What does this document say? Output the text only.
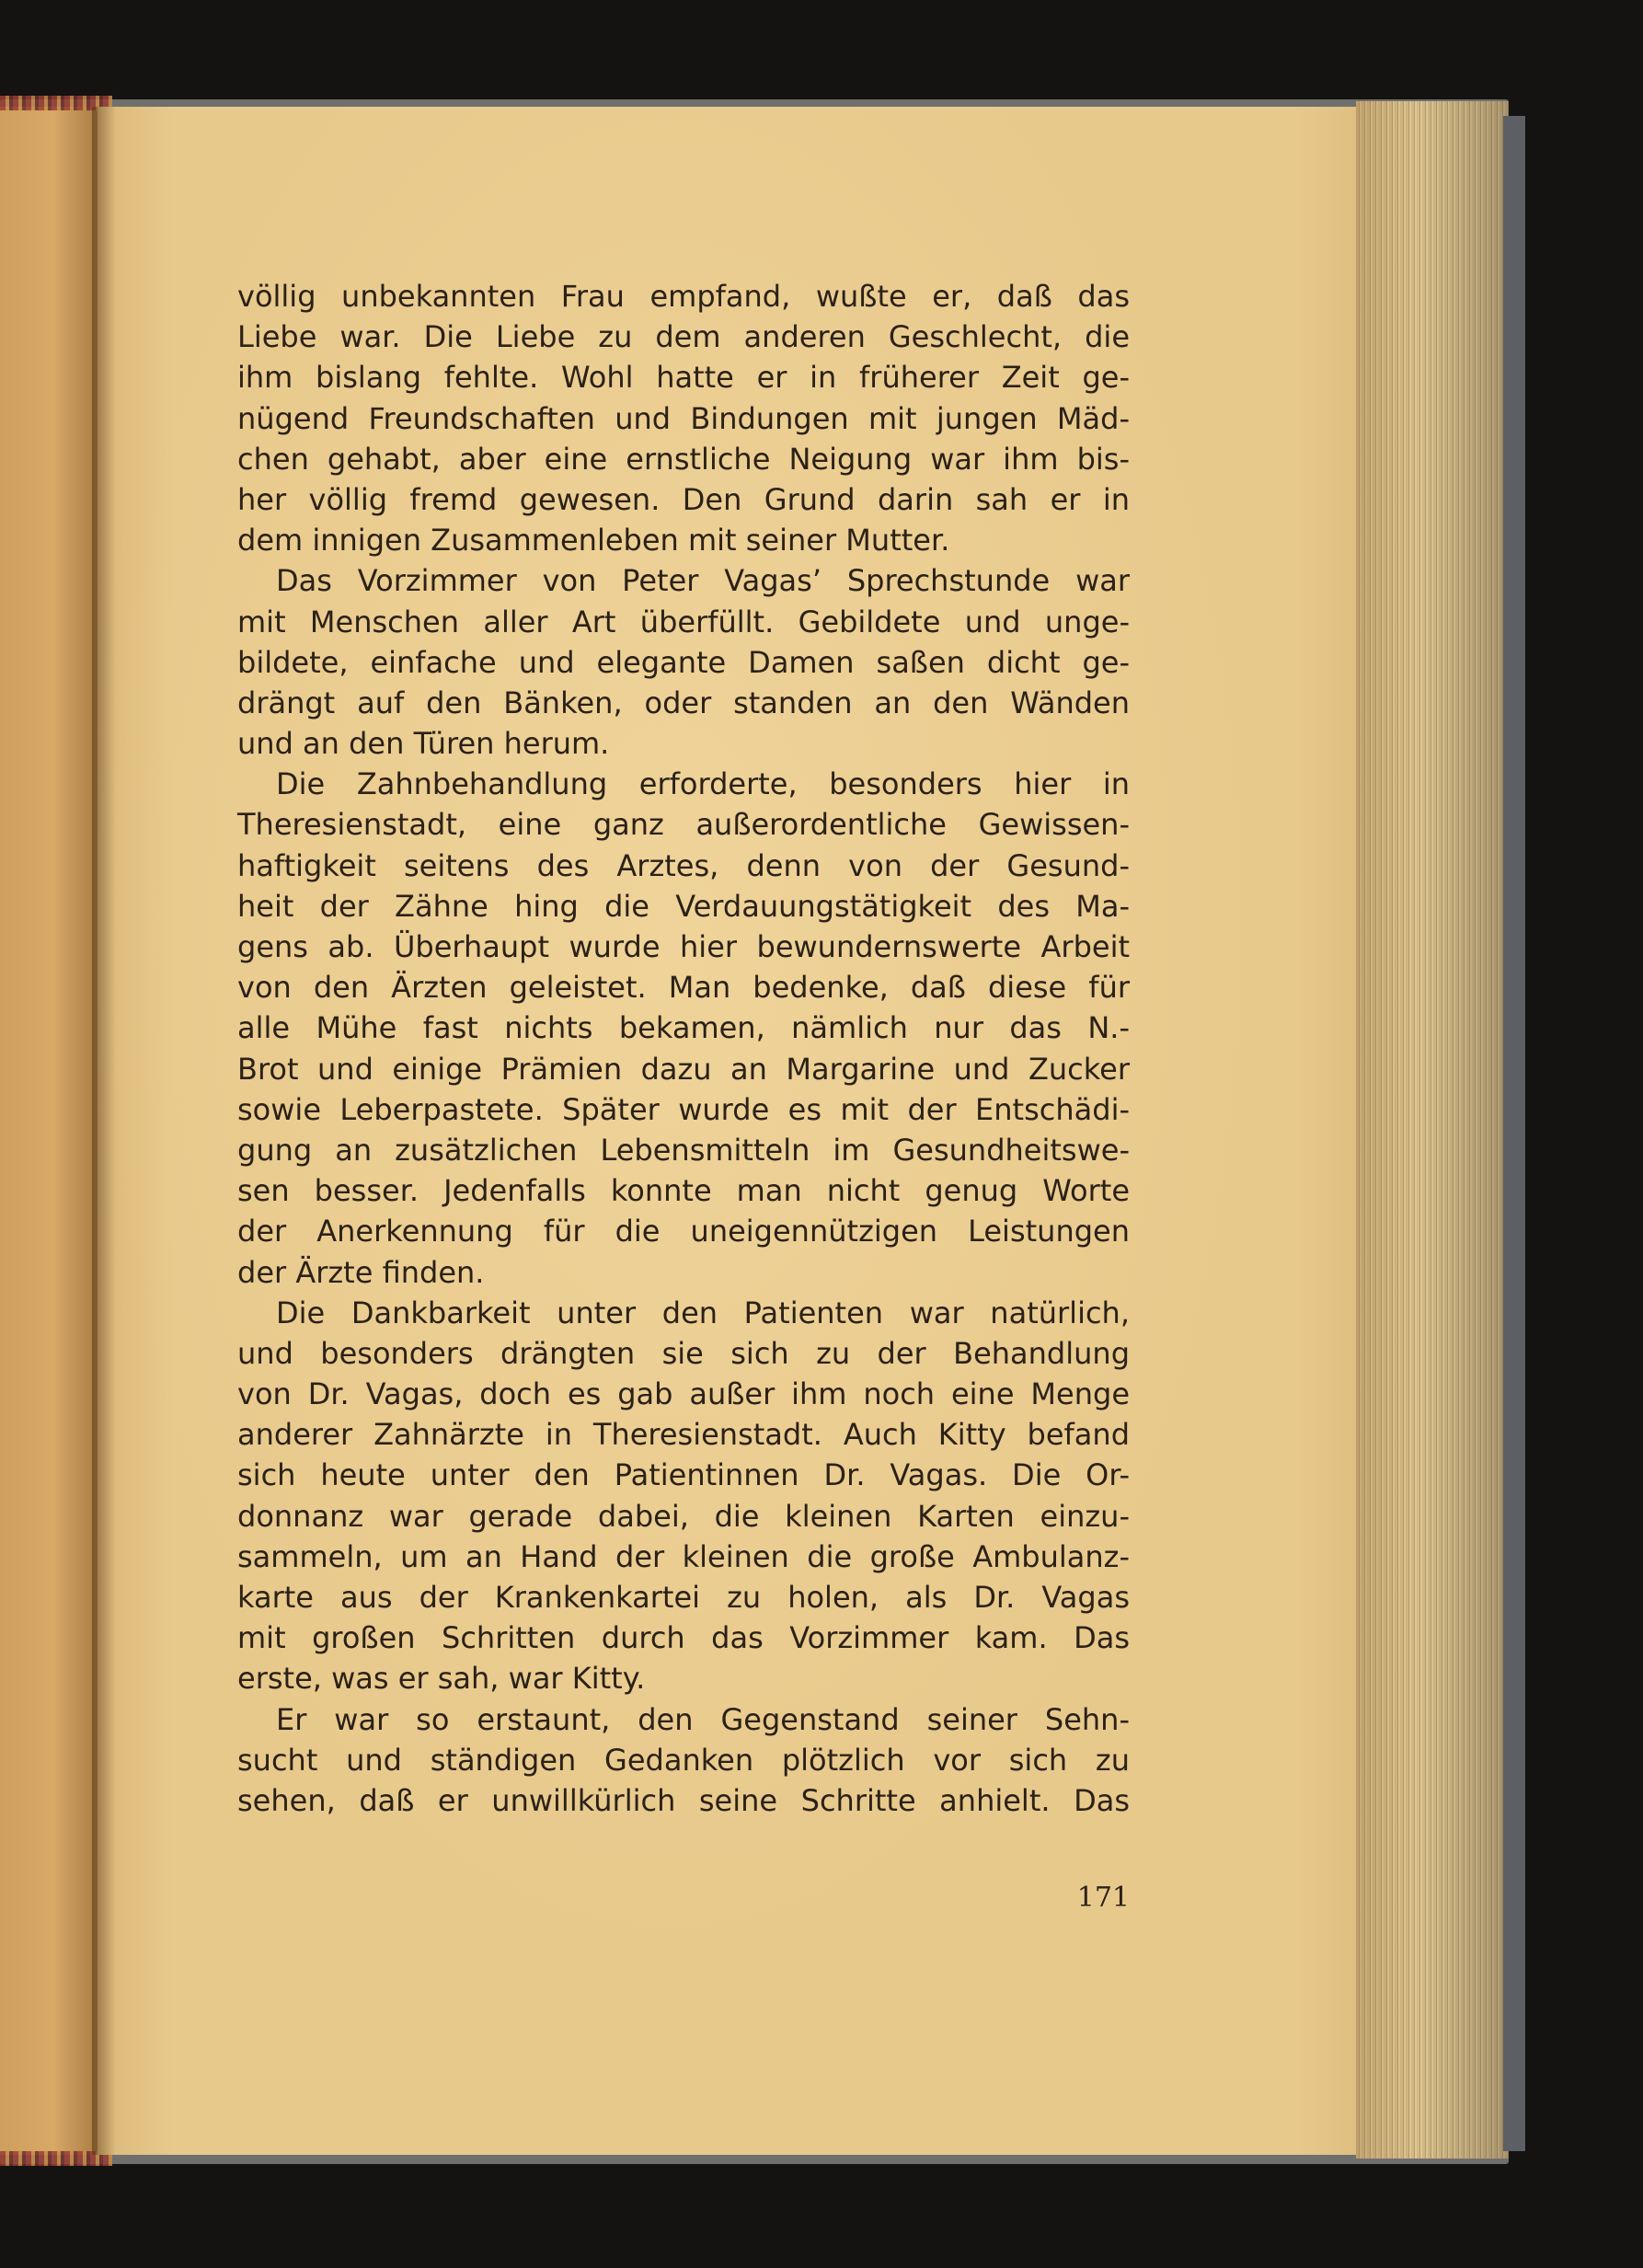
völlig unbekannten Frau empfand, wußte er, daß das
Liebe war. Die Liebe zu dem anderen Geschlecht, die
ihm bislang fehlte. Wohl hatte er in früherer Zeit ge-
nügend Freundschaften und Bindungen mit jungen Mäd-
chen gehabt, aber eine ernstliche Neigung war ihm bis-
her völlig fremd gewesen. Den Grund darin sah er in
dem innigen Zusammenleben mit seiner Mutter.
Das Vorzimmer von Peter Vagas’ Sprechstunde war
mit Menschen aller Art überfüllt. Gebildete und unge-
bildete, einfache und elegante Damen saßen dicht ge-
drängt auf den Bänken, oder standen an den Wänden
und an den Türen herum.
Die Zahnbehandlung erforderte, besonders hier in
Theresienstadt, eine ganz außerordentliche Gewissen-
haftigkeit seitens des Arztes, denn von der Gesund-
heit der Zähne hing die Verdauungstätigkeit des Ma-
gens ab. Überhaupt wurde hier bewundernswerte Arbeit
von den Ärzten geleistet. Man bedenke, daß diese für
alle Mühe fast nichts bekamen, nämlich nur das N.-
Brot und einige Prämien dazu an Margarine und Zucker
sowie Leberpastete. Später wurde es mit der Entschädi-
gung an zusätzlichen Lebensmitteln im Gesundheitswe-
sen besser. Jedenfalls konnte man nicht genug Worte
der Anerkennung für die uneigennützigen Leistungen
der Ärzte finden.
Die Dankbarkeit unter den Patienten war natürlich,
und besonders drängten sie sich zu der Behandlung
von Dr. Vagas, doch es gab außer ihm noch eine Menge
anderer Zahnärzte in Theresienstadt. Auch Kitty befand
sich heute unter den Patientinnen Dr. Vagas. Die Or-
donnanz war gerade dabei, die kleinen Karten einzu-
sammeln, um an Hand der kleinen die große Ambulanz-
karte aus der Krankenkartei zu holen, als Dr. Vagas
mit großen Schritten durch das Vorzimmer kam. Das
erste, was er sah, war Kitty.
Er war so erstaunt, den Gegenstand seiner Sehn-
sucht und ständigen Gedanken plötzlich vor sich zu
sehen, daß er unwillkürlich seine Schritte anhielt. Das
171
